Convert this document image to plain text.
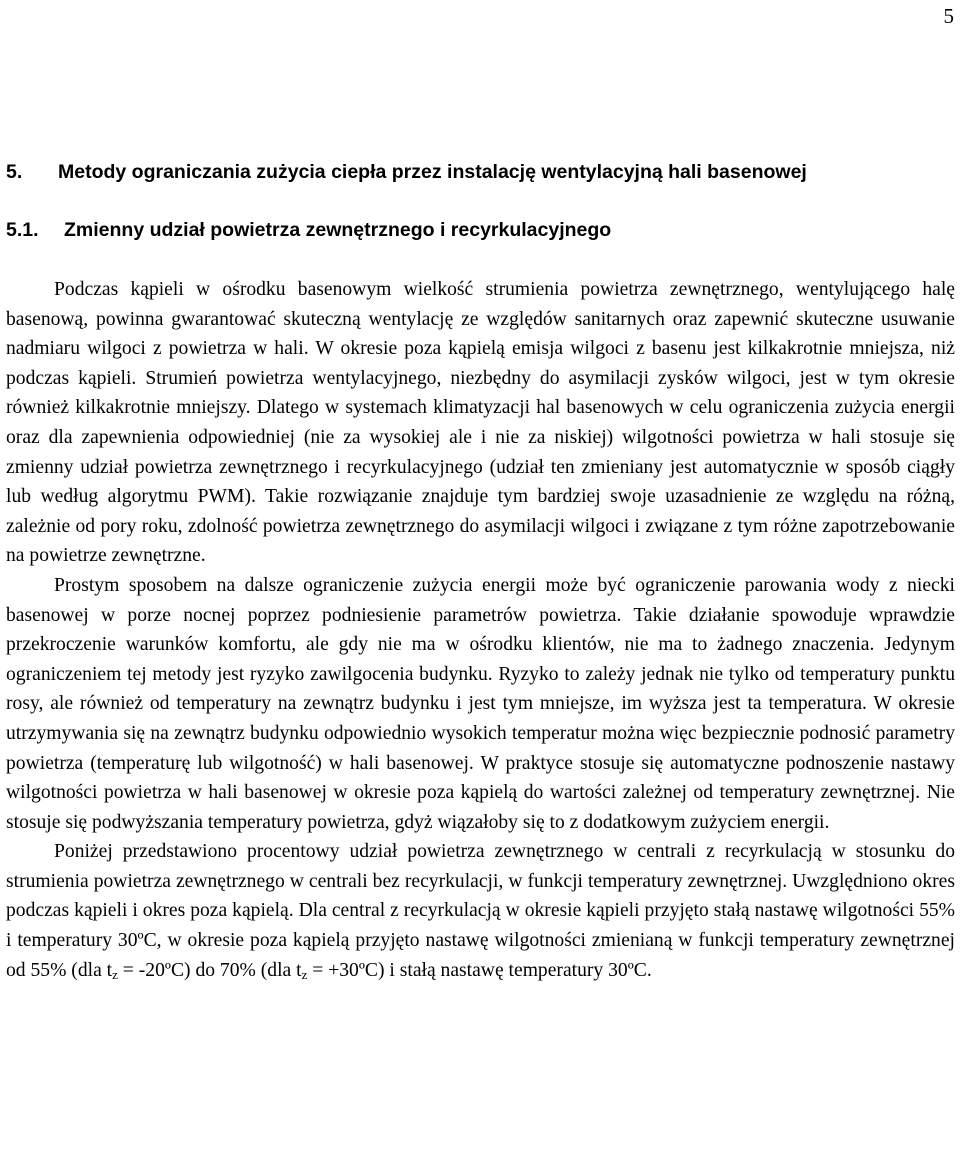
5
5. Metody ograniczania zużycia ciepła przez instalację wentylacyjną hali basenowej
5.1. Zmienny udział powietrza zewnętrznego i recyrkulacyjnego

Podczas kąpieli w ośrodku basenowym wielkość strumienia powietrza zewnętrznego, wentylującego halę basenową, powinna gwarantować skuteczną wentylację ze względów sanitarnych oraz zapewnić skuteczne usuwanie nadmiaru wilgoci z powietrza w hali. W okresie poza kąpielą emisja wilgoci z basenu jest kilkakrotnie mniejsza, niż podczas kąpieli. Strumień powietrza wentylacyjnego, niezbędny do asymilacji zysków wilgoci, jest w tym okresie również kilkakrotnie mniejszy. Dlatego w systemach klimatyzacji hal basenowych w celu ograniczenia zużycia energii oraz dla zapewnienia odpowiedniej (nie za wysokiej ale i nie za niskiej) wilgotności powietrza w hali stosuje się zmienny udział powietrza zewnętrznego i recyrkulacyjnego (udział ten zmieniany jest automatycznie w sposób ciągły lub według algorytmu PWM). Takie rozwiązanie znajduje tym bardziej swoje uzasadnienie ze względu na różną, zależnie od pory roku, zdolność powietrza zewnętrznego do asymilacji wilgoci i związane z tym różne zapotrzebowanie na powietrze zewnętrzne.

Prostym sposobem na dalsze ograniczenie zużycia energii może być ograniczenie parowania wody z niecki basenowej w porze nocnej poprzez podniesienie parametrów powietrza. Takie działanie spowoduje wprawdzie przekroczenie warunków komfortu, ale gdy nie ma w ośrodku klientów, nie ma to żadnego znaczenia. Jedynym ograniczeniem tej metody jest ryzyko zawilgocenia budynku. Ryzyko to zależy jednak nie tylko od temperatury punktu rosy, ale również od temperatury na zewnątrz budynku i jest tym mniejsze, im wyższa jest ta temperatura. W okresie utrzymywania się na zewnątrz budynku odpowiednio wysokich temperatur można więc bezpiecznie podnosić parametry powietrza (temperaturę lub wilgotność) w hali basenowej. W praktyce stosuje się automatyczne podnoszenie nastawy wilgotności powietrza w hali basenowej w okresie poza kąpielą do wartości zależnej od temperatury zewnętrznej. Nie stosuje się podwyższania temperatury powietrza, gdyż wiązałoby się to z dodatkowym zużyciem energii.

Poniżej przedstawiono procentowy udział powietrza zewnętrznego w centrali z recyrkulacją w stosunku do strumienia powietrza zewnętrznego w centrali bez recyrkulacji, w funkcji temperatury zewnętrznej. Uwzględniono okres podczas kąpieli i okres poza kąpielą. Dla central z recyrkulacją w okresie kąpieli przyjęto stałą nastawę wilgotności 55% i temperatury 30ºC, w okresie poza kąpielą przyjęto nastawę wilgotności zmienianą w funkcji temperatury zewnętrznej od 55% (dla $t_z$ = -20ºC) do 70% (dla $t_z$ = +30ºC) i stałą nastawę temperatury 30ºC.
